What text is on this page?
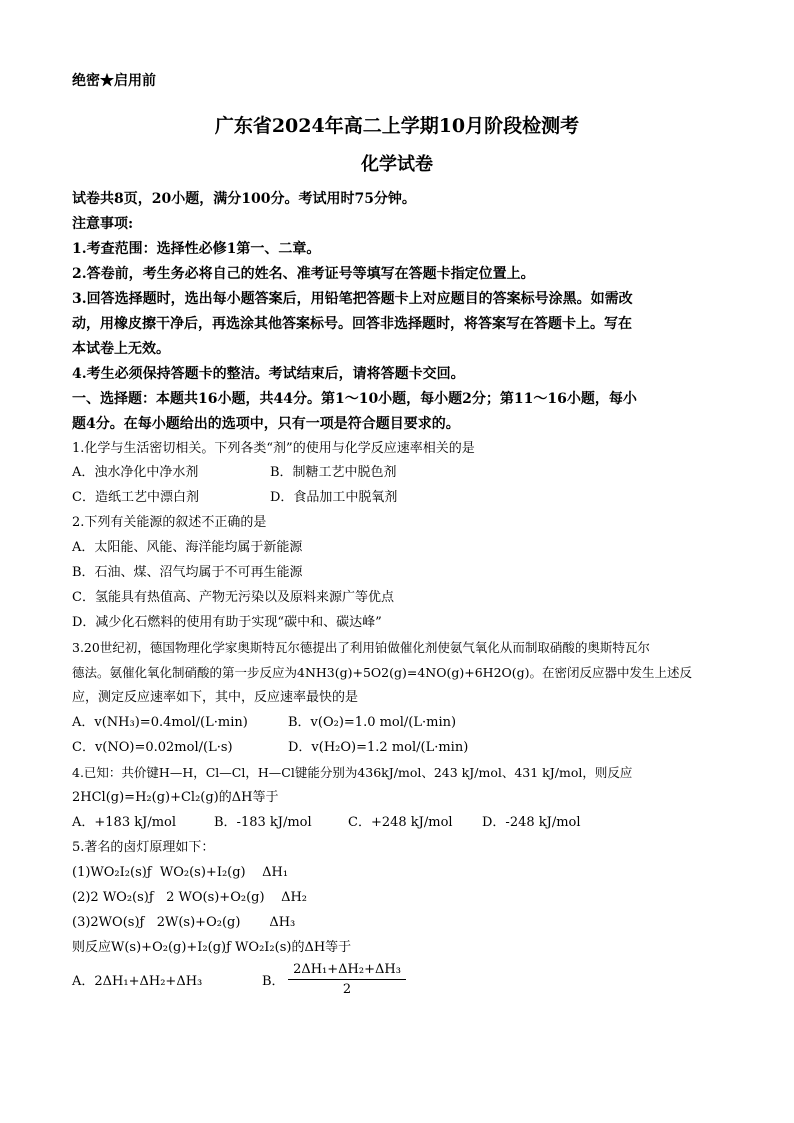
绝密★启用前
广东省2024年高二上学期10月阶段检测考
化学试卷
试卷共8页，20小题，满分100分。考试用时75分钟。
注意事项:
1.考查范围：选择性必修1第一、二章。
2.答卷前，考生务必将自己的姓名、准考证号等填写在答题卡指定位置上。
3.回答选择题时，选出每小题答案后，用铅笔把答题卡上对应题目的答案标号涂黑。如需改
动，用橡皮擦干净后，再选涂其他答案标号。回答非选择题时，将答案写在答题卡上。写在
本试卷上无效。
4.考生必须保持答题卡的整洁。考试结束后，请将答题卡交回。
一、选择题：本题共16小题，共44分。第1～10小题，每小题2分；第11～16小题，每小
题4分。在每小题给出的选项中，只有一项是符合题目要求的。
1.化学与生活密切相关。下列各类“剂”的使用与化学反应速率相关的是
A．浊水净化中净水剂	B．制糖工艺中脱色剂
C．造纸工艺中漂白剂	D．食品加工中脱氧剂
2.下列有关能源的叙述不正确的是
A．太阳能、风能、海洋能均属于新能源
B．石油、煤、沼气均属于不可再生能源
C．氢能具有热值高、产物无污染以及原料来源广等优点
D．减少化石燃料的使用有助于实现“碳中和、碳达峰”
3.20世纪初，德国物理化学家奥斯特瓦尔德提出了利用铂做催化剂使氨气氧化从而制取硝酸的奥斯特瓦尔
德法。氨催化氧化制硝酸的第一步反应为4NH3(g)+5O2(g)=4NO(g)+6H2O(g)。在密闭反应器中发生上述反
应，测定反应速率如下，其中，反应速率最快的是
A．v(NH₃)=0.4mol/(L·min)	B．v(O₂)=1.0 mol/(L·min)
C．v(NO)=0.02mol/(L·s)	D．v(H₂O)=1.2 mol/(L·min)
4.已知：共价键H—H，Cl—Cl，H—Cl键能分别为436kJ/mol、243 kJ/mol、431 kJ/mol，则反应
2HCl(g)=H₂(g)+Cl₂(g)的ΔH等于
A．+183 kJ/mol	B．-183 kJ/mol	C．+248 kJ/mol D．-248 kJ/mol
5.著名的卤灯原理如下：
(1)WO₂I₂(s)ƒ  WO₂(s)+I₂(g)    ΔH₁
(2)2 WO₂(s)ƒ   2 WO(s)+O₂(g)    ΔH₂
(3)2WO(s)ƒ   2W(s)+O₂(g)       ΔH₃
则反应W(s)+O₂(g)+I₂(g)ƒ WO₂I₂(s)的ΔH等于
A．2ΔH₁+ΔH₂+ΔH₃	B． $\frac{\text{2ΔH₁+ΔH₂+ΔH₃}}{2}$
